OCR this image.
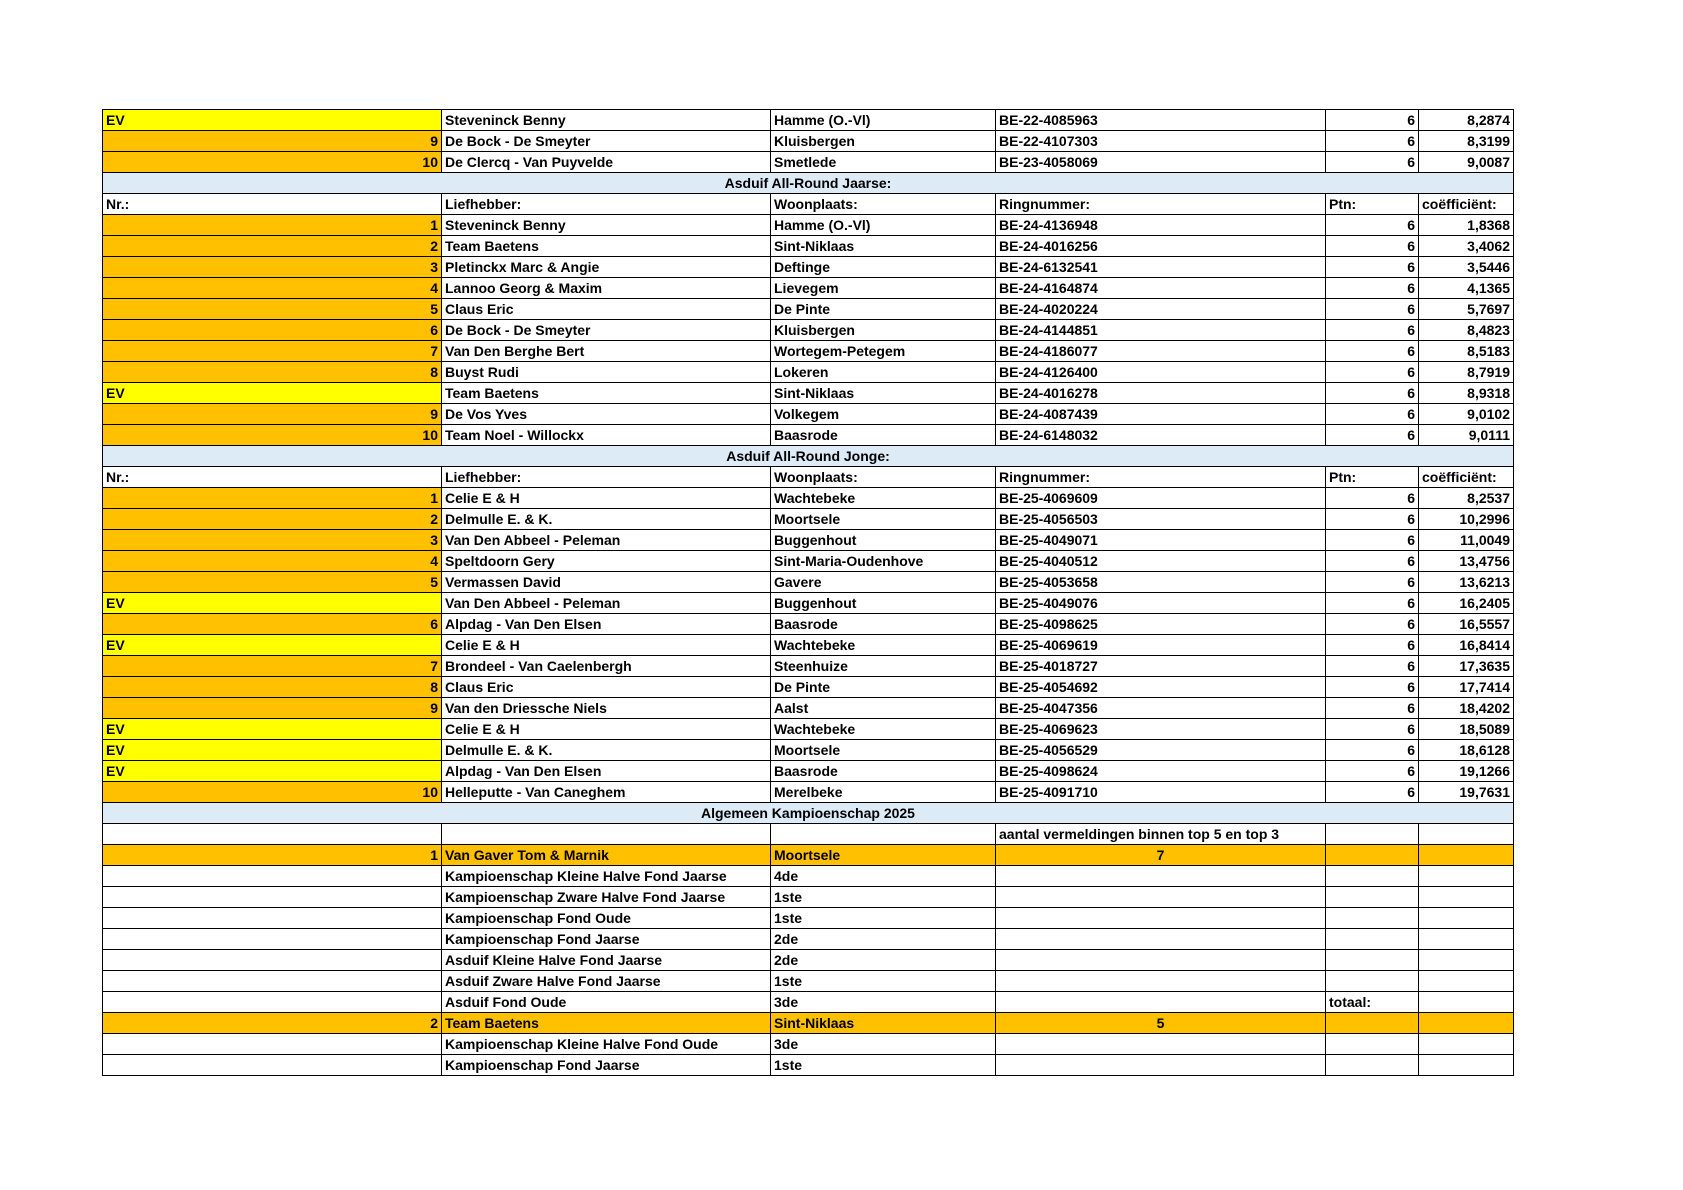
EV	Steveninck Benny	Hamme (O.-Vl)	BE-22-4085963	6	8,2874
9	De Bock - De Smeyter	Kluisbergen	BE-22-4107303	6	8,3199
10	De Clercq - Van Puyvelde	Smetlede	BE-23-4058069	6	9,0087
Asduif All-Round Jaarse:					
Nr.:	Liefhebber:	Woonplaats:	Ringnummer:	Ptn:	coëfficiënt:
1	Steveninck Benny	Hamme (O.-Vl)	BE-24-4136948	6	1,8368
2	Team Baetens	Sint-Niklaas	BE-24-4016256	6	3,4062
3	Pletinckx Marc & Angie	Deftinge	BE-24-6132541	6	3,5446
4	Lannoo Georg & Maxim	Lievegem	BE-24-4164874	6	4,1365
5	Claus Eric	De Pinte	BE-24-4020224	6	5,7697
6	De Bock - De Smeyter	Kluisbergen	BE-24-4144851	6	8,4823
7	Van Den Berghe Bert	Wortegem-Petegem	BE-24-4186077	6	8,5183
8	Buyst Rudi	Lokeren	BE-24-4126400	6	8,7919
EV	Team Baetens	Sint-Niklaas	BE-24-4016278	6	8,9318
9	De Vos Yves	Volkegem	BE-24-4087439	6	9,0102
10	Team Noel - Willockx	Baasrode	BE-24-6148032	6	9,0111
Asduif All-Round Jonge:					
Nr.:	Liefhebber:	Woonplaats:	Ringnummer:	Ptn:	coëfficiënt:
1	Celie E & H	Wachtebeke	BE-25-4069609	6	8,2537
2	Delmulle E. & K.	Moortsele	BE-25-4056503	6	10,2996
3	Van Den Abbeel - Peleman	Buggenhout	BE-25-4049071	6	11,0049
4	Speltdoorn Gery	Sint-Maria-Oudenhove	BE-25-4040512	6	13,4756
5	Vermassen David	Gavere	BE-25-4053658	6	13,6213
EV	Van Den Abbeel - Peleman	Buggenhout	BE-25-4049076	6	16,2405
6	Alpdag - Van Den Elsen	Baasrode	BE-25-4098625	6	16,5557
EV	Celie E & H	Wachtebeke	BE-25-4069619	6	16,8414
7	Brondeel - Van Caelenbergh	Steenhuize	BE-25-4018727	6	17,3635
8	Claus Eric	De Pinte	BE-25-4054692	6	17,7414
9	Van den Driessche Niels	Aalst	BE-25-4047356	6	18,4202
EV	Celie E & H	Wachtebeke	BE-25-4069623	6	18,5089
EV	Delmulle E. & K.	Moortsele	BE-25-4056529	6	18,6128
EV	Alpdag - Van Den Elsen	Baasrode	BE-25-4098624	6	19,1266
10	Helleputte - Van Caneghem	Merelbeke	BE-25-4091710	6	19,7631
Algemeen Kampioenschap 2025					
			aantal vermeldingen binnen top 5 en top 3		
1	Van Gaver Tom & Marnik	Moortsele	7		
	Kampioenschap Kleine Halve Fond Jaarse	4de			
	Kampioenschap Zware Halve Fond Jaarse	1ste			
	Kampioenschap Fond Oude	1ste			
	Kampioenschap Fond Jaarse	2de			
	Asduif Kleine Halve Fond Jaarse	2de			
	Asduif Zware Halve Fond Jaarse	1ste			
	Asduif Fond Oude	3de		totaal:	
2	Team Baetens	Sint-Niklaas	5		
	Kampioenschap Kleine Halve Fond Oude	3de			
	Kampioenschap Fond Jaarse	1ste			
